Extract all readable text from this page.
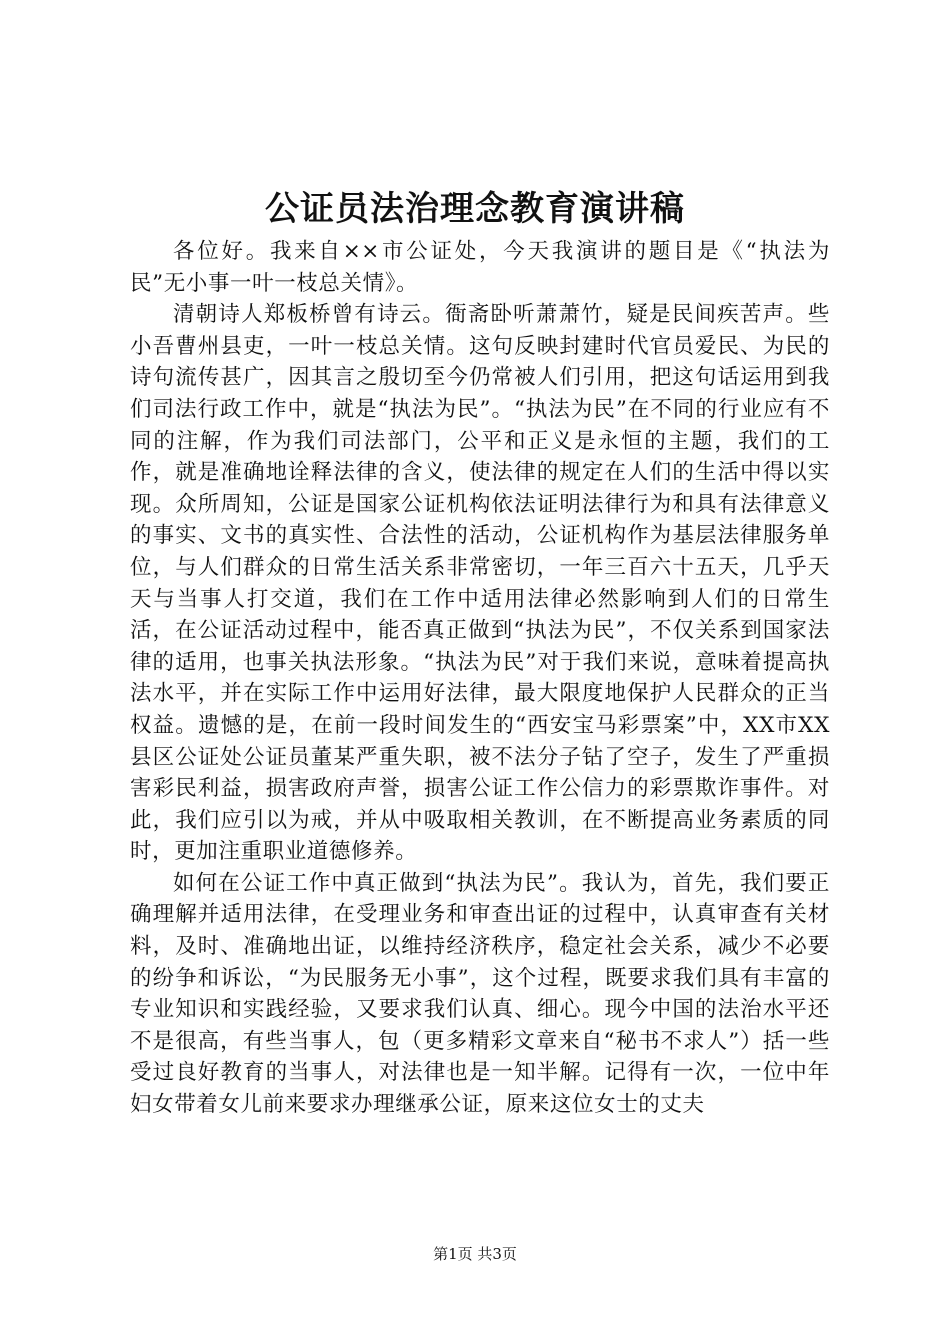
公证员法治理念教育演讲稿

各位好。我来自××市公证处，今天我演讲的题目是《“执法为民”无小事一叶一枝总关情》。

清朝诗人郑板桥曾有诗云。衙斋卧听萧萧竹，疑是民间疾苦声。些小吾曹州县吏，一叶一枝总关情。这句反映封建时代官员爱民、为民的诗句流传甚广，因其言之殷切至今仍常被人们引用，把这句话运用到我们司法行政工作中，就是“执法为民”。“执法为民”在不同的行业应有不同的注解，作为我们司法部门，公平和正义是永恒的主题，我们的工作，就是准确地诠释法律的含义，使法律的规定在人们的生活中得以实现。众所周知，公证是国家公证机构依法证明法律行为和具有法律意义的事实、文书的真实性、合法性的活动，公证机构作为基层法律服务单位，与人们群众的日常生活关系非常密切，一年三百六十五天，几乎天天与当事人打交道，我们在工作中适用法律必然影响到人们的日常生活，在公证活动过程中，能否真正做到“执法为民”，不仅关系到国家法律的适用，也事关执法形象。“执法为民”对于我们来说，意味着提高执法水平，并在实际工作中运用好法律，最大限度地保护人民群众的正当权益。遗憾的是，在前一段时间发生的“西安宝马彩票案”中，XX市XX县区公证处公证员董某严重失职，被不法分子钻了空子，发生了严重损害彩民利益，损害政府声誉，损害公证工作公信力的彩票欺诈事件。对此，我们应引以为戒，并从中吸取相关教训，在不断提高业务素质的同时，更加注重职业道德修养。

如何在公证工作中真正做到“执法为民”。我认为，首先，我们要正确理解并适用法律，在受理业务和审查出证的过程中，认真审查有关材料，及时、准确地出证，以维持经济秩序，稳定社会关系，减少不必要的纷争和诉讼，“为民服务无小事”，这个过程，既要求我们具有丰富的专业知识和实践经验，又要求我们认真、细心。现今中国的法治水平还不是很高，有些当事人，包（更多精彩文章来自“秘书不求人”）括一些受过良好教育的当事人，对法律也是一知半解。记得有一次，一位中年妇女带着女儿前来要求办理继承公证，原来这位女士的丈夫

第1页 共3页
